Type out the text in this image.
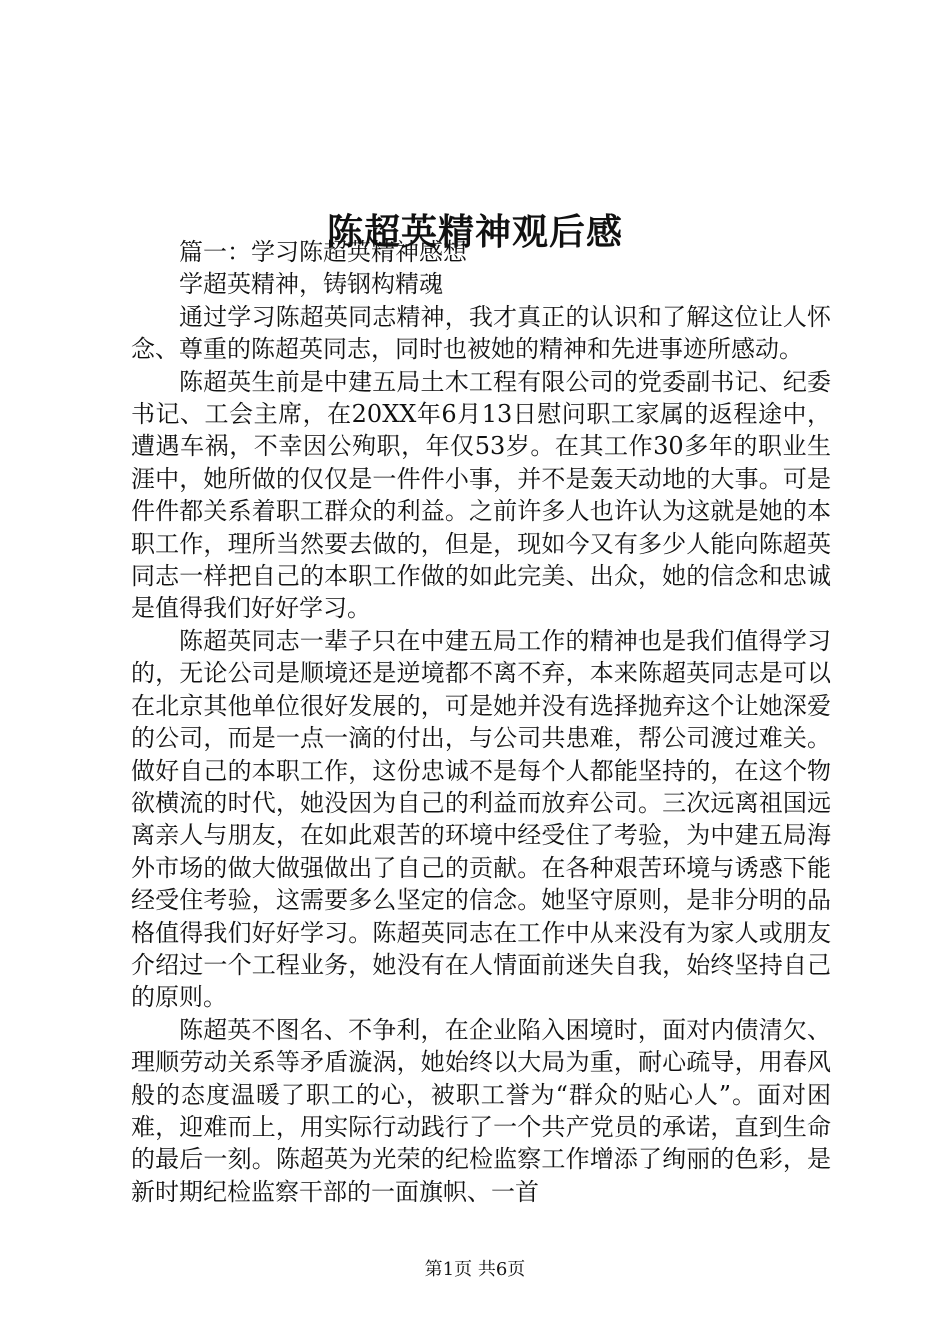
陈超英精神观后感

篇一：学习陈超英精神感想

学超英精神，铸钢构精魂

通过学习陈超英同志精神，我才真正的认识和了解这位让人怀念、尊重的陈超英同志，同时也被她的精神和先进事迹所感动。

陈超英生前是中建五局土木工程有限公司的党委副书记、纪委书记、工会主席，在20XX年6月13日慰问职工家属的返程途中，遭遇车祸，不幸因公殉职，年仅53岁。在其工作30多年的职业生涯中，她所做的仅仅是一件件小事，并不是轰天动地的大事。可是件件都关系着职工群众的利益。之前许多人也许认为这就是她的本职工作，理所当然要去做的，但是，现如今又有多少人能向陈超英同志一样把自己的本职工作做的如此完美、出众，她的信念和忠诚是值得我们好好学习。

陈超英同志一辈子只在中建五局工作的精神也是我们值得学习的，无论公司是顺境还是逆境都不离不弃，本来陈超英同志是可以在北京其他单位很好发展的，可是她并没有选择抛弃这个让她深爱的公司，而是一点一滴的付出，与公司共患难，帮公司渡过难关。做好自己的本职工作，这份忠诚不是每个人都能坚持的，在这个物欲横流的时代，她没因为自己的利益而放弃公司。三次远离祖国远离亲人与朋友，在如此艰苦的环境中经受住了考验，为中建五局海外市场的做大做强做出了自己的贡献。在各种艰苦环境与诱惑下能经受住考验，这需要多么坚定的信念。她坚守原则，是非分明的品格值得我们好好学习。陈超英同志在工作中从来没有为家人或朋友介绍过一个工程业务，她没有在人情面前迷失自我，始终坚持自己的原则。

陈超英不图名、不争利，在企业陷入困境时，面对内债清欠、理顺劳动关系等矛盾漩涡，她始终以大局为重，耐心疏导，用春风般的态度温暖了职工的心，被职工誉为“群众的贴心人”。面对困难，迎难而上，用实际行动践行了一个共产党员的承诺，直到生命的最后一刻。陈超英为光荣的纪检监察工作增添了绚丽的色彩，是新时期纪检监察干部的一面旗帜、一首

第1页 共6页
